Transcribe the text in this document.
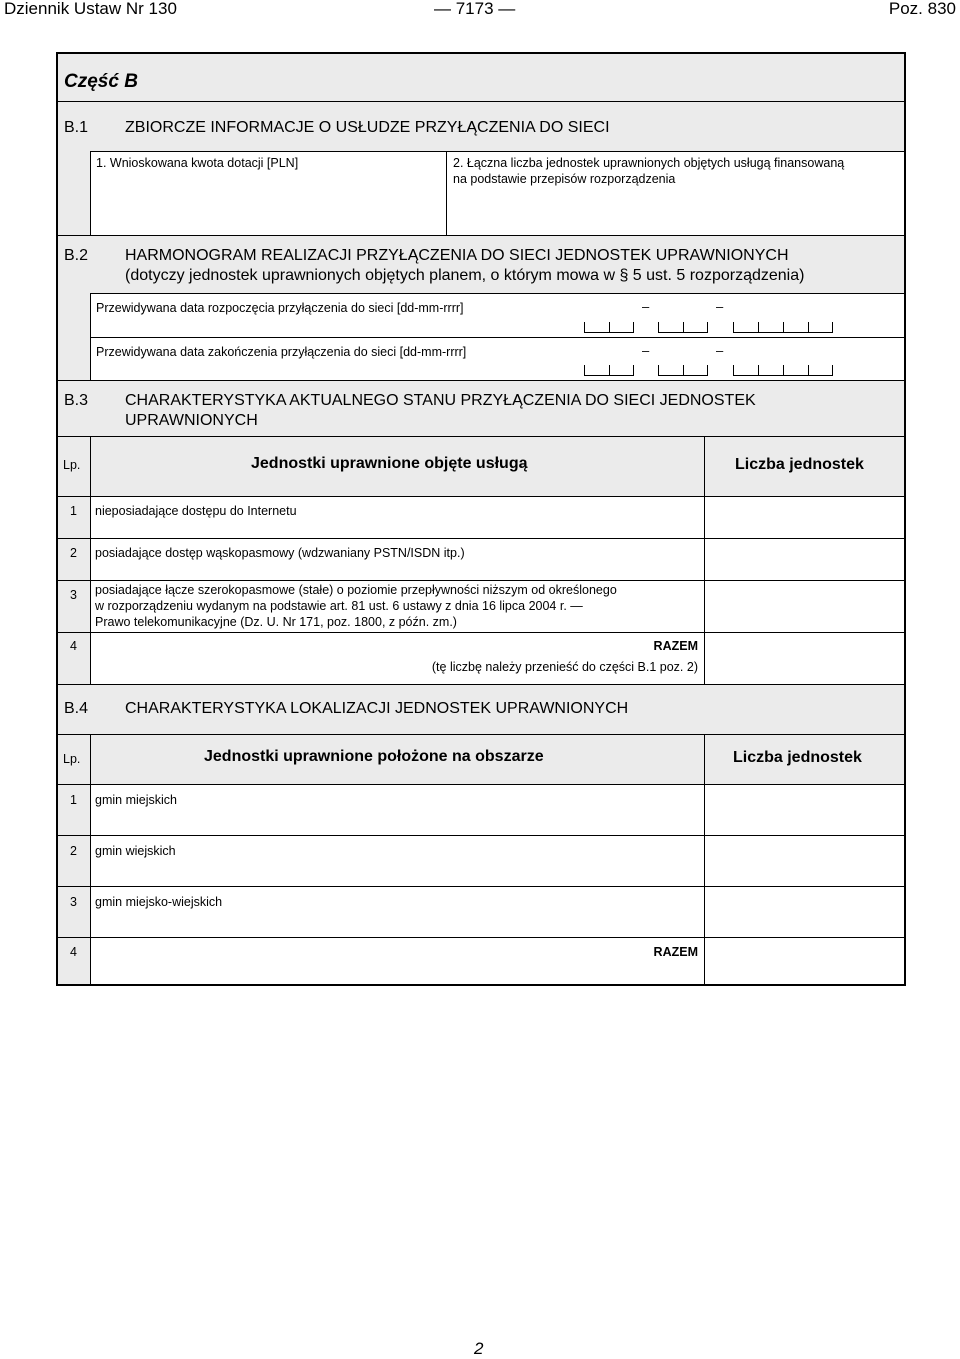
Dziennik Ustaw Nr 130	— 7173 —	Poz. 830
Część B
B.1 ZBIORCZE INFORMACJE O USŁUDZE PRZYŁĄCZENIA DO SIECI
1. Wnioskowana kwota dotacji [PLN]	2. Łączna liczba jednostek uprawnionych objętych usługą finansowaną
na podstawie przepisów rozporządzenia
B.2 HARMONOGRAM REALIZACJI PRZYŁĄCZENIA DO SIECI JEDNOSTEK UPRAWNIONYCH
(dotyczy jednostek uprawnionych objętych planem, o którym mowa w § 5 ust. 5 rozporządzenia)
Przewidywana data rozpoczęcia przyłączenia do sieci [dd-mm-rrrr]	–	–
Przewidywana data zakończenia przyłączenia do sieci [dd-mm-rrrr]	–	–
B.3 CHARAKTERYSTYKA AKTUALNEGO STANU PRZYŁĄCZENIA DO SIECI JEDNOSTEK
UPRAWNIONYCH
Lp.	Jednostki uprawnione objęte usługą	Liczba jednostek
1 nieposiadające dostępu do Internetu
2 posiadające dostęp wąskopasmowy (wdzwaniany PSTN/ISDN itp.)
3 posiadające łącze szerokopasmowe (stałe) o poziomie przepływności niższym od określonego
w rozporządzeniu wydanym na podstawie art. 81 ust. 6 ustawy z dnia 16 lipca 2004 r. —
Prawo telekomunikacyjne (Dz. U. Nr 171, poz. 1800, z późn. zm.)
4	RAZEM
(tę liczbę należy przenieść do części B.1 poz. 2)
B.4 CHARAKTERYSTYKA LOKALIZACJI JEDNOSTEK UPRAWNIONYCH
Lp.	Jednostki uprawnione położone na obszarze	Liczba jednostek
1 gmin miejskich
2 gmin wiejskich
3 gmin miejsko-wiejskich
4	RAZEM
2
